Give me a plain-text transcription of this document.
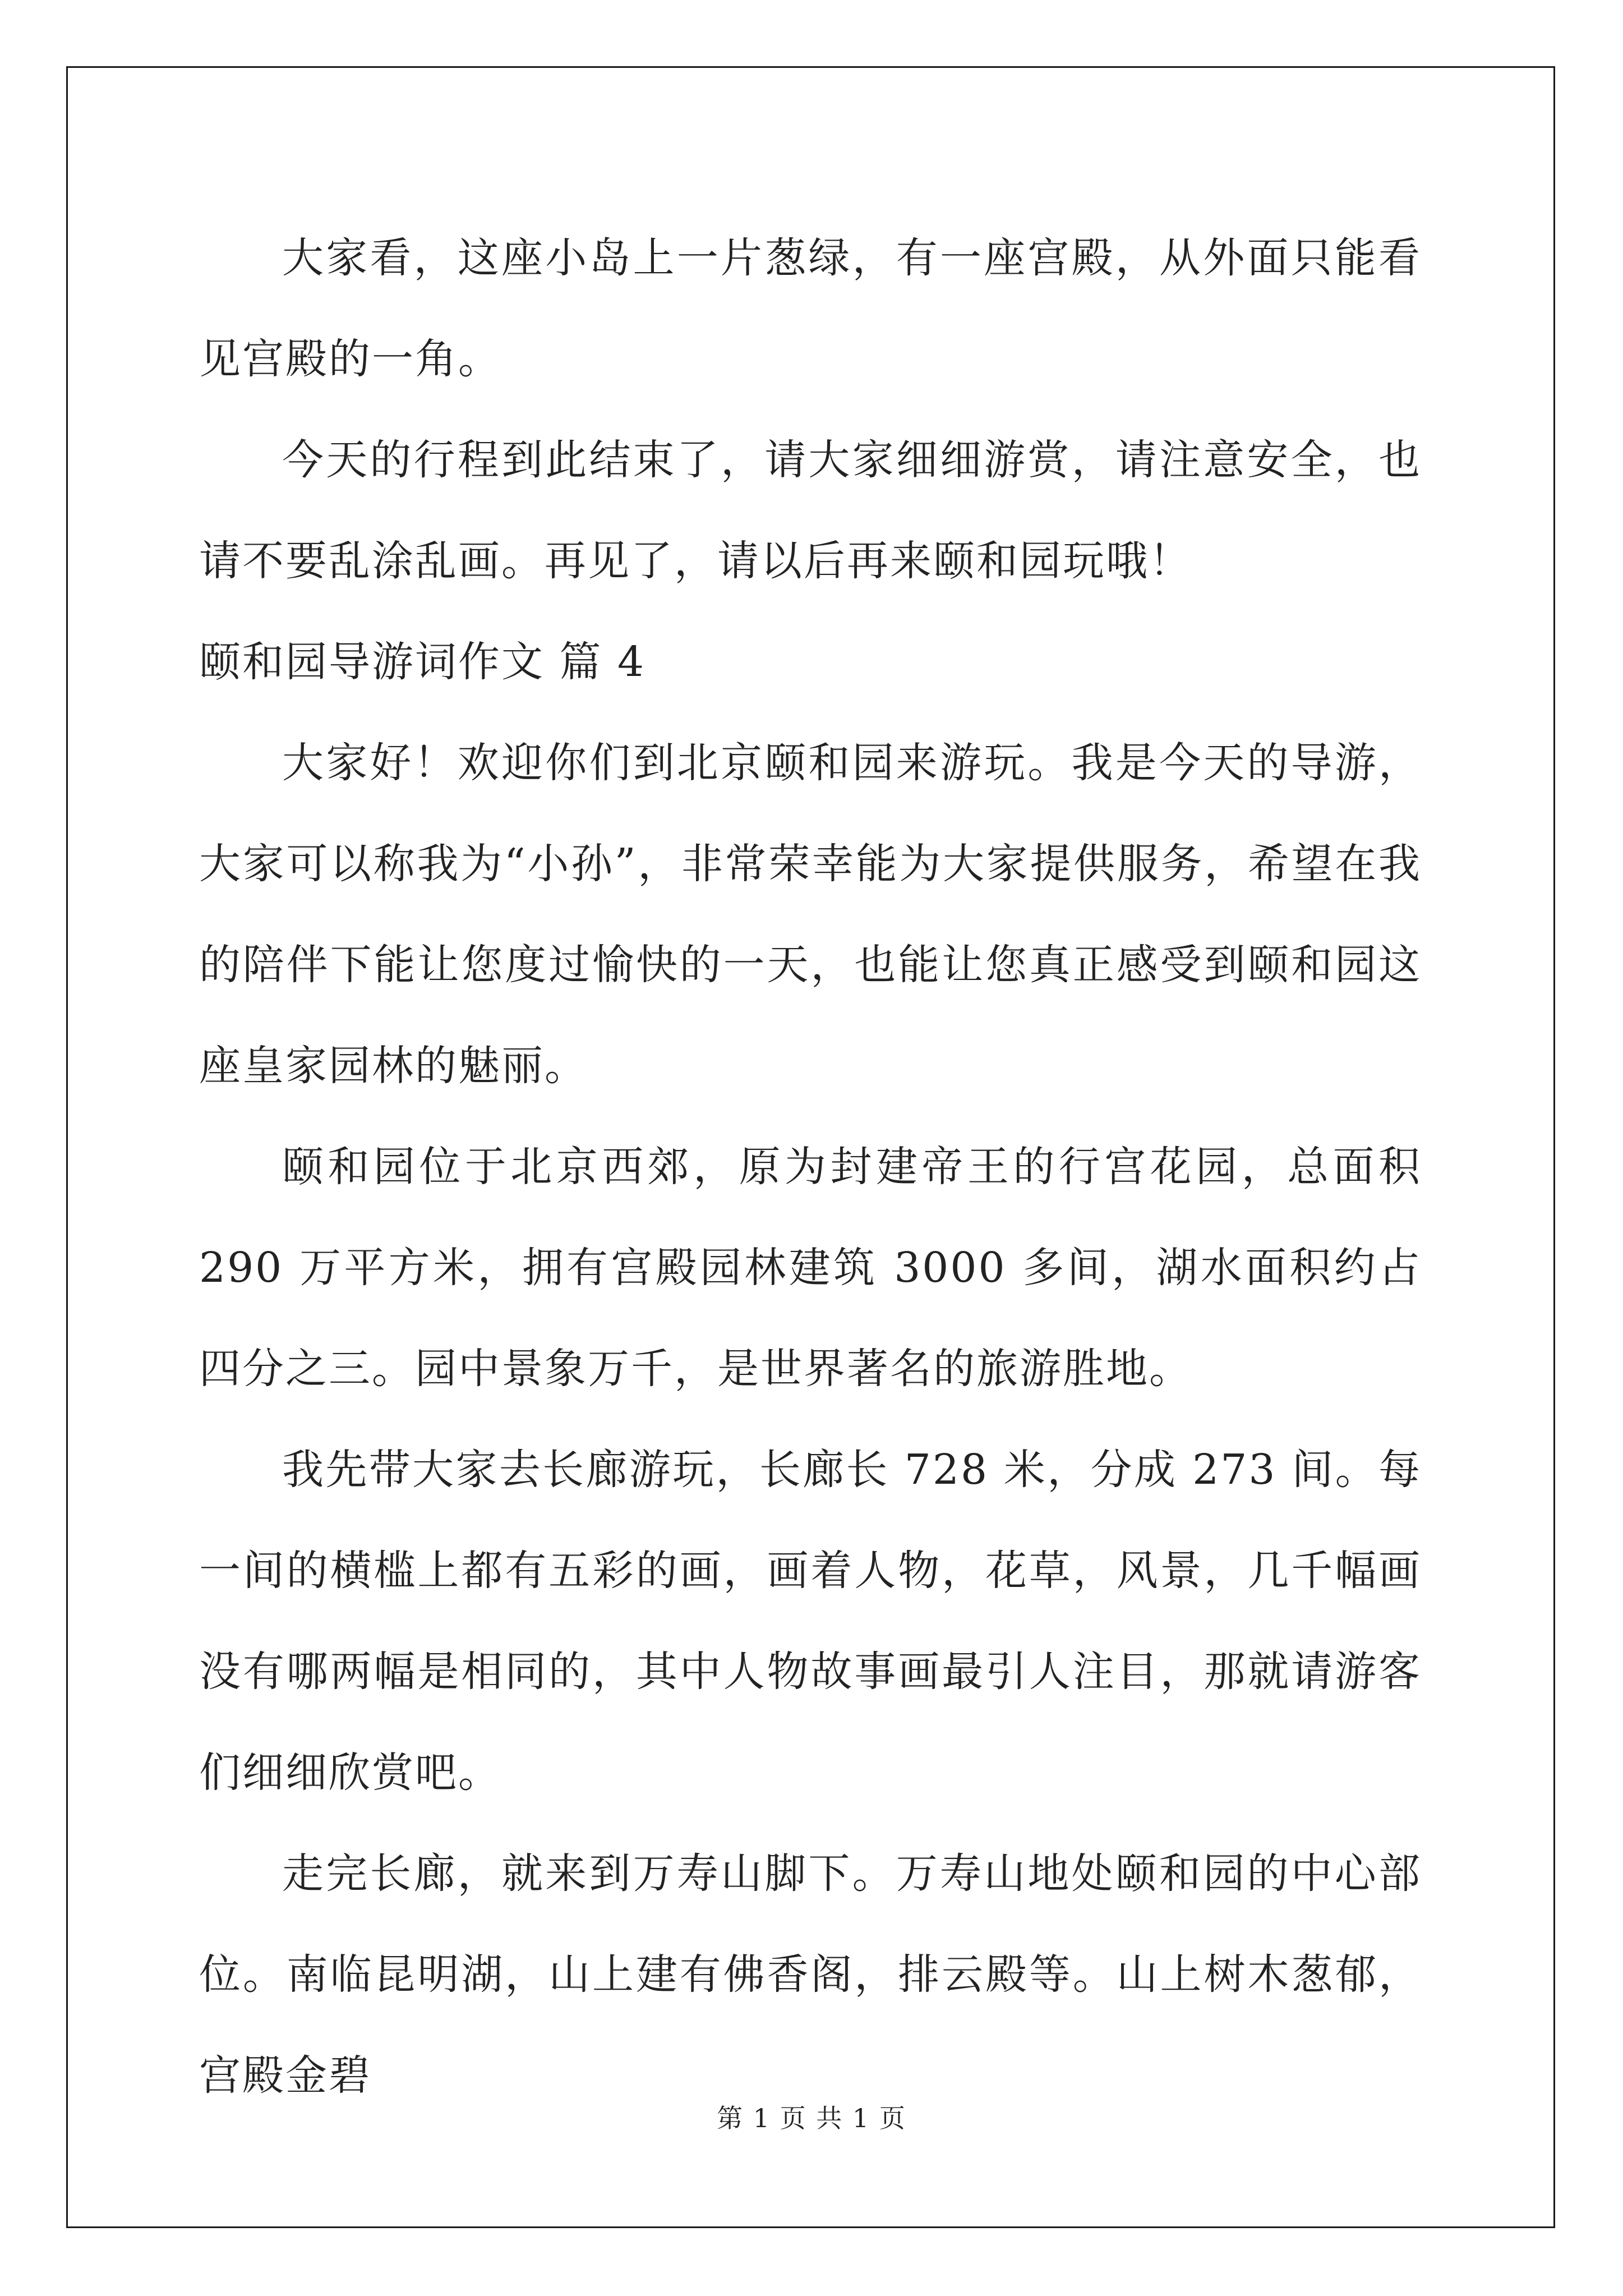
大家看，这座小岛上一片葱绿，有一座宫殿，从外面只能看见宫殿的一角。

今天的行程到此结束了，请大家细细游赏，请注意安全，也请不要乱涂乱画。再见了，请以后再来颐和园玩哦！

颐和园导游词作文 篇 4

大家好！欢迎你们到北京颐和园来游玩。我是今天的导游，大家可以称我为“小孙”，非常荣幸能为大家提供服务，希望在我的陪伴下能让您度过愉快的一天，也能让您真正感受到颐和园这座皇家园林的魅丽。

颐和园位于北京西郊，原为封建帝王的行宫花园，总面积 290 万平方米，拥有宫殿园林建筑 3000 多间，湖水面积约占四分之三。园中景象万千，是世界著名的旅游胜地。

我先带大家去长廊游玩，长廊长 728 米，分成 273 间。每一间的横槛上都有五彩的画，画着人物，花草，风景，几千幅画没有哪两幅是相同的，其中人物故事画最引人注目，那就请游客们细细欣赏吧。

走完长廊，就来到万寿山脚下。万寿山地处颐和园的中心部位。南临昆明湖，山上建有佛香阁，排云殿等。山上树木葱郁，宫殿金碧

第 1 页 共 1 页
